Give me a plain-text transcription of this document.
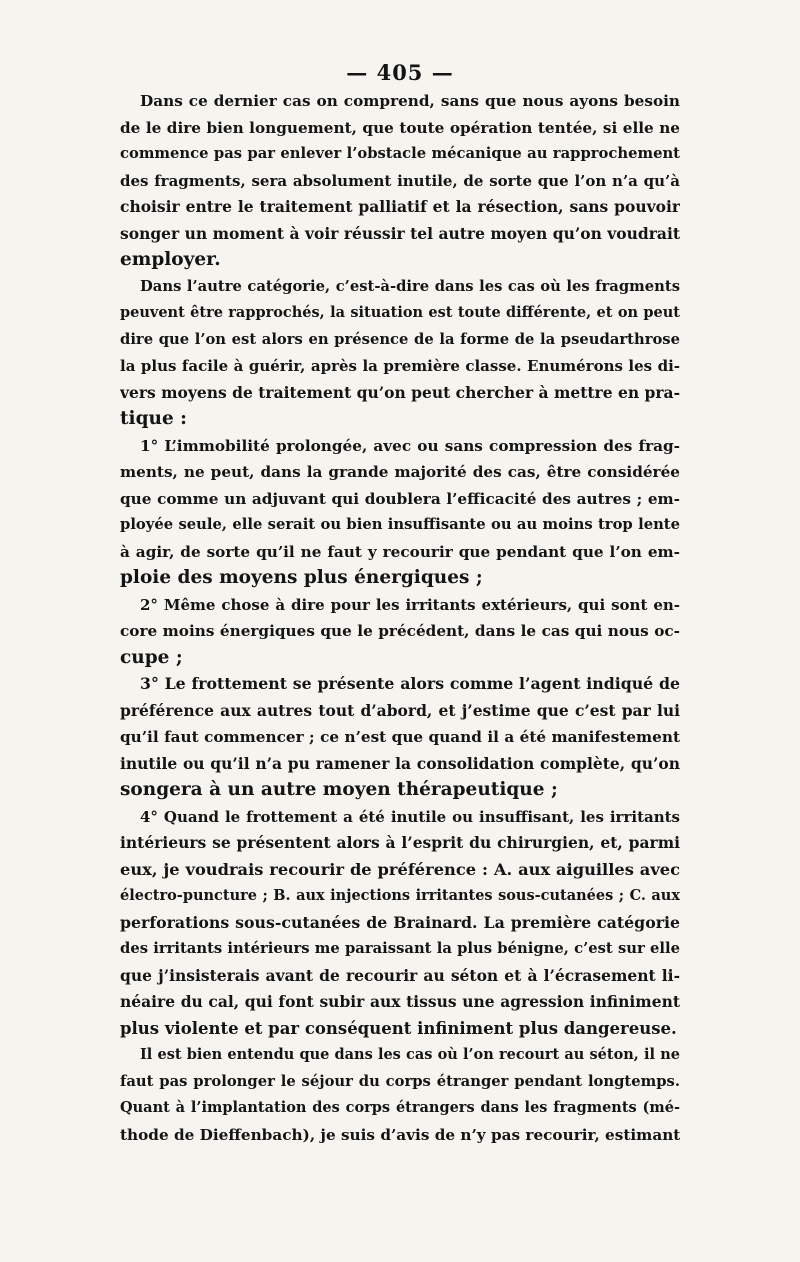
— 405 —
Dans ce dernier cas on comprend, sans que nous ayons besoin
de le dire bien longuement, que toute opération tentée, si elle ne
commence pas par enlever l’obstacle mécanique au rapprochement
des fragments, sera absolument inutile, de sorte que l’on n’a qu’à
choisir entre le traitement palliatif et la résection, sans pouvoir
songer un moment à voir réussir tel autre moyen qu’on voudrait
employer.
Dans l’autre catégorie, c’est-à-dire dans les cas où les fragments
peuvent être rapprochés, la situation est toute différente, et on peut
dire que l’on est alors en présence de la forme de la pseudarthrose
la plus facile à guérir, après la première classe. Enumérons les di-
vers moyens de traitement qu’on peut chercher à mettre en pra-
tique :
1° L’immobilité prolongée, avec ou sans compression des frag-
ments, ne peut, dans la grande majorité des cas, être considérée
que comme un adjuvant qui doublera l’efficacité des autres ; em-
ployée seule, elle serait ou bien insuffisante ou au moins trop lente
à agir, de sorte qu’il ne faut y recourir que pendant que l’on em-
ploie des moyens plus énergiques ;
2° Même chose à dire pour les irritants extérieurs, qui sont en-
core moins énergiques que le précédent, dans le cas qui nous oc-
cupe ;
3° Le frottement se présente alors comme l’agent indiqué de
préférence aux autres tout d’abord, et j’estime que c’est par lui
qu’il faut commencer ; ce n’est que quand il a été manifestement
inutile ou qu’il n’a pu ramener la consolidation complète, qu’on
songera à un autre moyen thérapeutique ;
4° Quand le frottement a été inutile ou insuffisant, les irritants
intérieurs se présentent alors à l’esprit du chirurgien, et, parmi
eux, je voudrais recourir de préférence : A. aux aiguilles avec
électro-puncture ; B. aux injections irritantes sous-cutanées ; C. aux
perforations sous-cutanées de Brainard. La première catégorie
des irritants intérieurs me paraissant la plus bénigne, c’est sur elle
que j’insisterais avant de recourir au séton et à l’écrasement li-
néaire du cal, qui font subir aux tissus une agression infiniment
plus violente et par conséquent infiniment plus dangereuse.
Il est bien entendu que dans les cas où l’on recourt au séton, il ne
faut pas prolonger le séjour du corps étranger pendant longtemps.
Quant à l’implantation des corps étrangers dans les fragments (mé-
thode de Dieffenbach), je suis d’avis de n’y pas recourir, estimant
